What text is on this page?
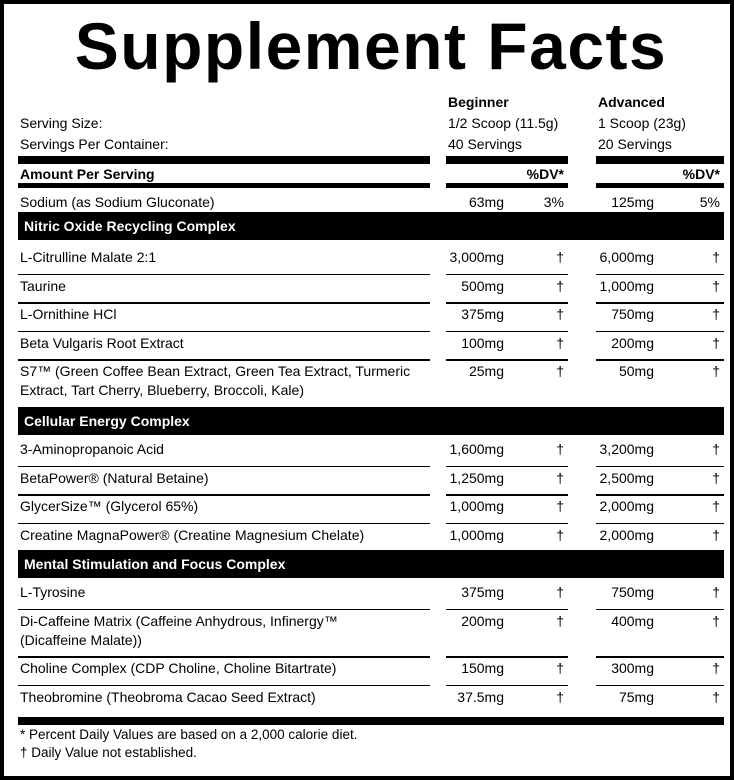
Supplement Facts
Beginner	Advanced
Serving Size:	1/2 Scoop (11.5g)	1 Scoop (23g)
Servings Per Container:	40 Servings	20 Servings
Amount Per Serving	%DV*	%DV*
Sodium (as Sodium Gluconate)	63mg	3%	125mg	5%
Nitric Oxide Recycling Complex
L-Citrulline Malate 2:1	3,000mg	†	6,000mg	†
Taurine	500mg	†	1,000mg	†
L-Ornithine HCl	375mg	†	750mg	†
Beta Vulgaris Root Extract	100mg	†	200mg	†
S7™ (Green Coffee Bean Extract, Green Tea Extract, Turmeric
Extract, Tart Cherry, Blueberry, Broccoli, Kale)
25mg	†	50mg	†
Cellular Energy Complex
3-Aminopropanoic Acid	1,600mg	†	3,200mg	†
BetaPower® (Natural Betaine)	1,250mg	†	2,500mg	†
GlycerSize™ (Glycerol 65%)	1,000mg	†	2,000mg	†
Creatine MagnaPower® (Creatine Magnesium Chelate)	1,000mg	†	2,000mg	†
Mental Stimulation and Focus Complex
L-Tyrosine	375mg	†	750mg	†
Di-Caffeine Matrix (Caffeine Anhydrous, Infinergy™
(Dicaffeine Malate))
200mg	†	400mg	†
Choline Complex (CDP Choline, Choline Bitartrate)	150mg	†	300mg	†
Theobromine (Theobroma Cacao Seed Extract)	37.5mg	†	75mg	†
* Percent Daily Values are based on a 2,000 calorie diet.
† Daily Value not established.
